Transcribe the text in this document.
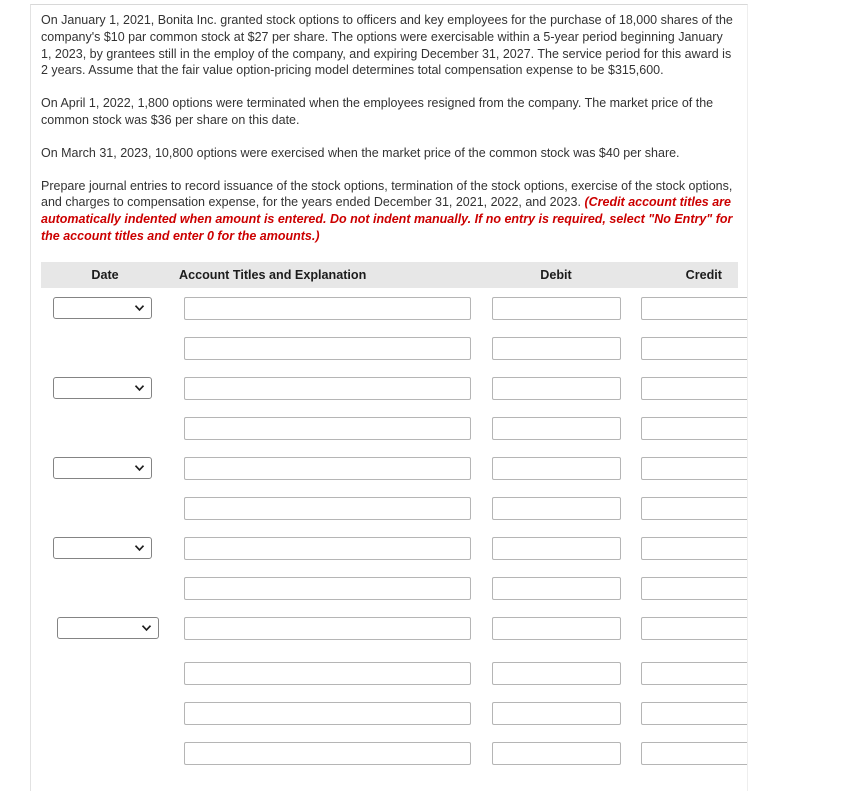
On January 1, 2021, Bonita Inc. granted stock options to officers and key employees for the purchase of 18,000 shares of the company's $10 par common stock at $27 per share. The options were exercisable within a 5-year period beginning January 1, 2023, by grantees still in the employ of the company, and expiring December 31, 2027. The service period for this award is 2 years. Assume that the fair value option-pricing model determines total compensation expense to be $315,600.

On April 1, 2022, 1,800 options were terminated when the employees resigned from the company. The market price of the common stock was $36 per share on this date.

On March 31, 2023, 10,800 options were exercised when the market price of the common stock was $40 per share.

Prepare journal entries to record issuance of the stock options, termination of the stock options, exercise of the stock options, and charges to compensation expense, for the years ended December 31, 2021, 2022, and 2023. (Credit account titles are automatically indented when amount is entered. Do not indent manually. If no entry is required, select "No Entry" for the account titles and enter 0 for the amounts.)

Date	Account Titles and Explanation	Debit	Credit
